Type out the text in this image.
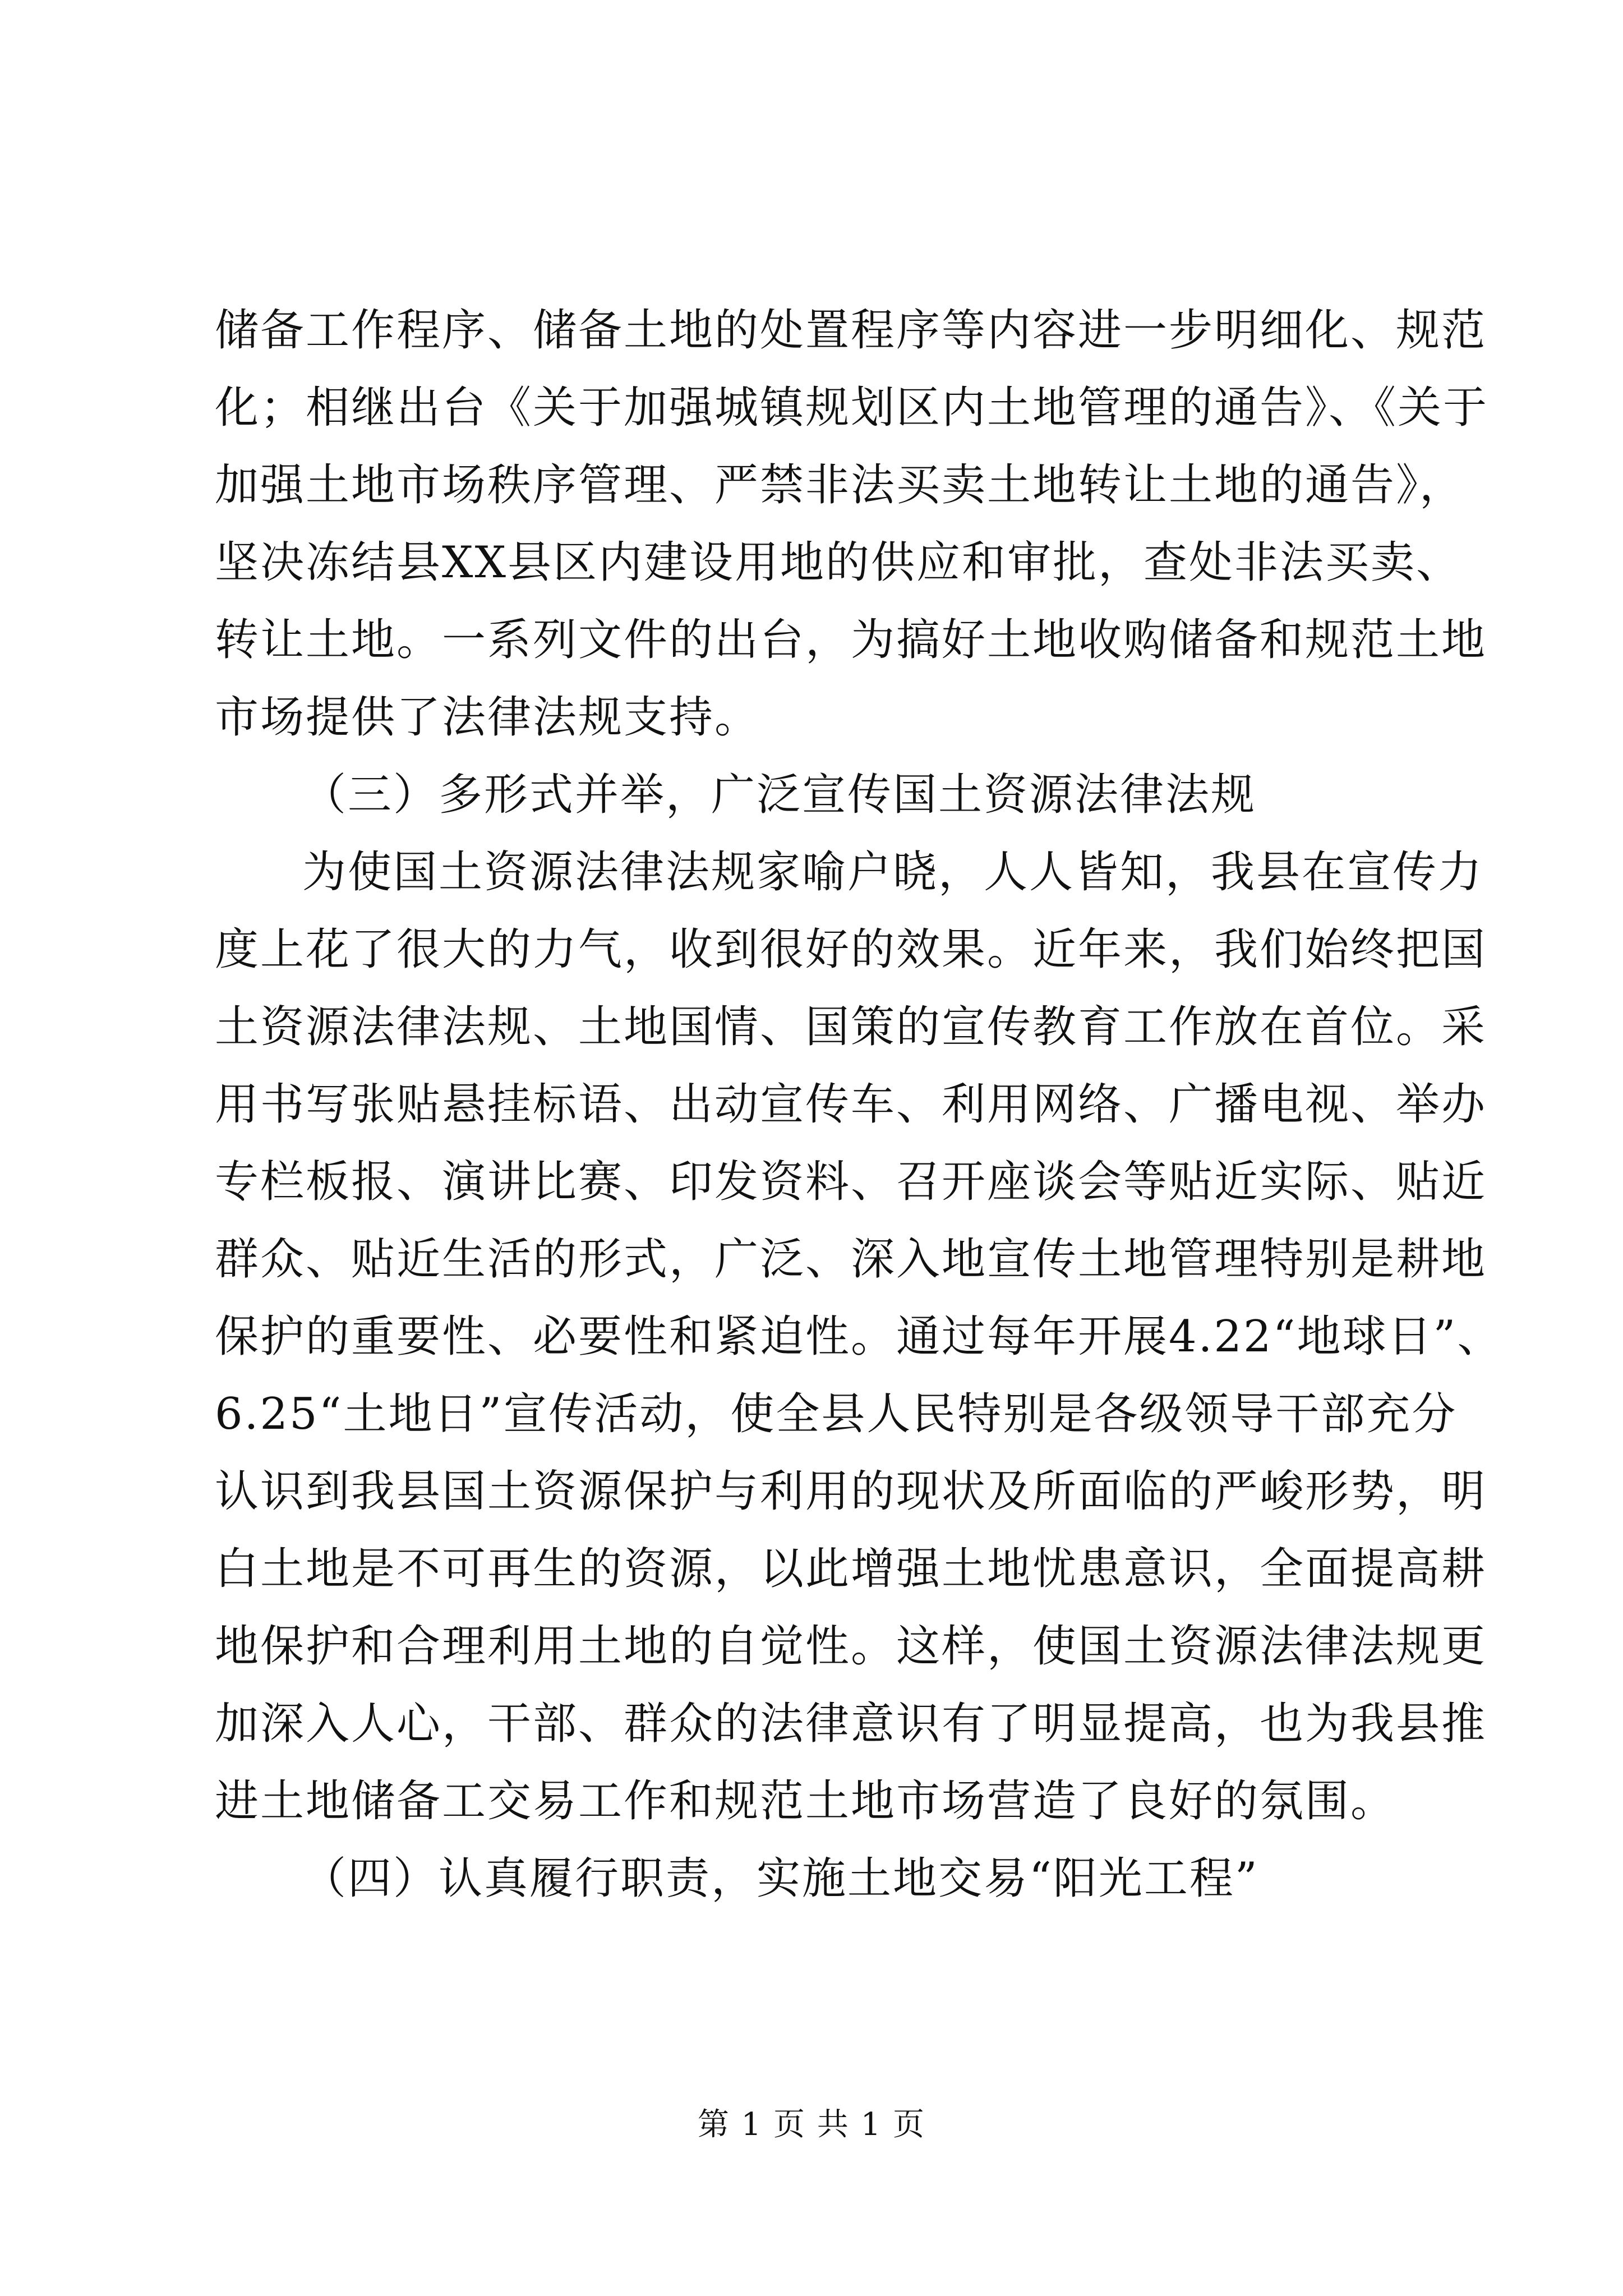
储备工作程序、储备土地的处置程序等内容进一步明细化、规范
化；相继出台《关于加强城镇规划区内土地管理的通告》、《关于
加强土地市场秩序管理、严禁非法买卖土地转让土地的通告》，
坚决冻结县XX县区内建设用地的供应和审批，查处非法买卖、
转让土地。一系列文件的出台，为搞好土地收购储备和规范土地
市场提供了法律法规支持。
（三）多形式并举，广泛宣传国土资源法律法规
为使国土资源法律法规家喻户晓，人人皆知，我县在宣传力
度上花了很大的力气，收到很好的效果。近年来，我们始终把国
土资源法律法规、土地国情、国策的宣传教育工作放在首位。采
用书写张贴悬挂标语、出动宣传车、利用网络、广播电视、举办
专栏板报、演讲比赛、印发资料、召开座谈会等贴近实际、贴近
群众、贴近生活的形式，广泛、深入地宣传土地管理特别是耕地
保护的重要性、必要性和紧迫性。通过每年开展4.22“地球日”、
6.25“土地日”宣传活动，使全县人民特别是各级领导干部充分
认识到我县国土资源保护与利用的现状及所面临的严峻形势，明
白土地是不可再生的资源，以此增强土地忧患意识，全面提高耕
地保护和合理利用土地的自觉性。这样，使国土资源法律法规更
加深入人心，干部、群众的法律意识有了明显提高，也为我县推
进土地储备工交易工作和规范土地市场营造了良好的氛围。
（四）认真履行职责，实施土地交易“阳光工程”
第 1 页 共 1 页
